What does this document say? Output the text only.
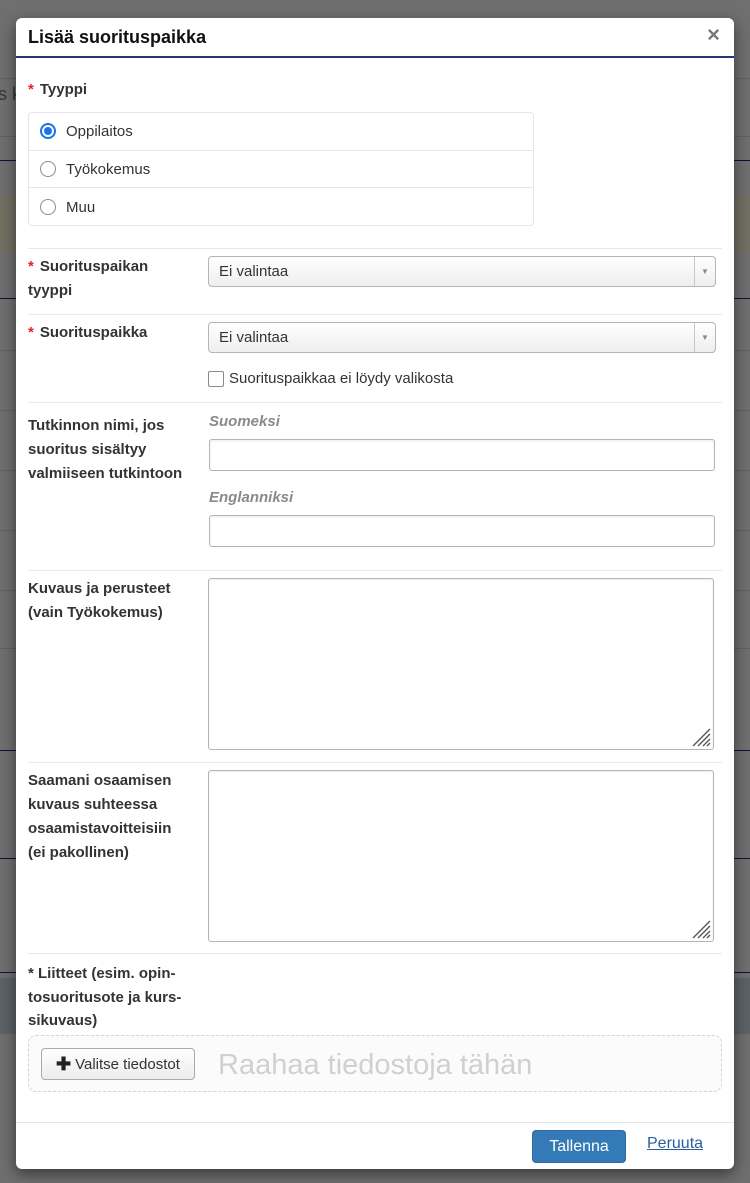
Lisää suorituspaikka	×
* Tyyppi
Oppilaitos
Työkokemus
Muu
* Suorituspaikan
tyyppi
Ei valintaa	▼
* Suorituspaikka	Ei valintaa	▼
Suorituspaikkaa ei löydy valikosta
Tutkinnon nimi, jos
suoritus sisältyy
valmiiseen tutkintoon
Suomeksi
Englanniksi
Kuvaus ja perusteet
(vain Työkokemus)
Saamani osaamisen
kuvaus suhteessa
osaamistavoitteisiin
(ei pakollinen)
* Liitteet (esim. opin-
tosuoritusote ja kurs-
sikuvaus)
✚ Valitse tiedostot Raahaa tiedostoja tähän
Tallenna	Peruuta
